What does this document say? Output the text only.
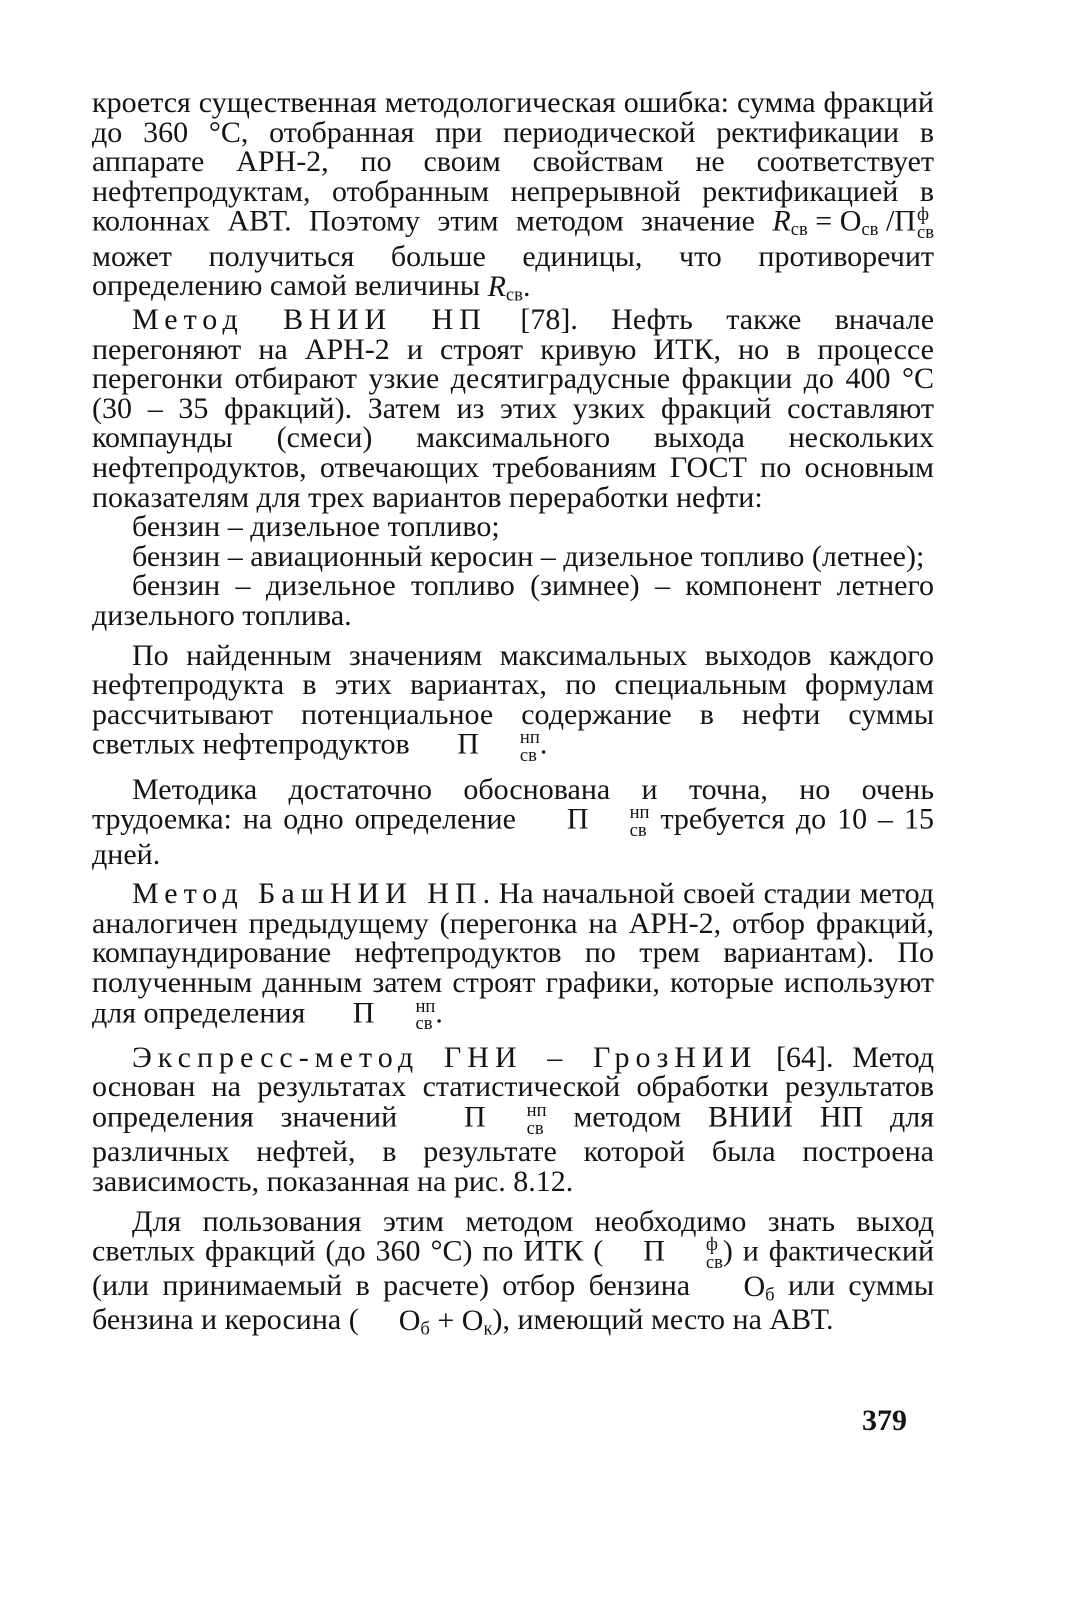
кроется существенная методологическая ошибка: сумма фракций до 360 °С, отобранная при периодической ректификации в аппарате АРН-2, по своим свойствам не соответствует нефтепродуктам, отобранным непрерывной ректификацией в колоннах АВТ. Поэтому этим методом значение $R_{св} = О_{св}$ /П ф
св
может получиться больше единицы, что противоречит определению самой величины $R_{св}$.

Метод ВНИИ НП [78]. Нефть также вначале перегоняют на АРН-2 и строят кривую ИТК, но в процессе перегонки отбирают узкие десятиградусные фракции до 400 °С (30 – 35 фракций). Затем из этих узких фракций составляют компаунды (смеси) максимального выхода нескольких нефтепродуктов, отвечающих требованиям ГОСТ по основным показателям для трех вариантов переработки нефти:

бензин – дизельное топливо;

бензин – авиационный керосин – дизельное топливо (летнее);

бензин – дизельное топливо (зимнее) – компонент летнего дизельного топлива.

По найденным значениям максимальных выходов каждого нефтепродукта в этих вариантах, по специальным формулам рассчитывают потенциальное содержание в нефти суммы светлых нефтепродуктов П	нп
св .

Методика достаточно обоснована и точна, но очень трудоемка: на одно определение П	нп
св требуется до 10 – 15 дней.

Метод БашНИИ НП. На начальной своей стадии метод аналогичен предыдущему (перегонка на АРН-2, отбор фракций, компаундирование нефтепродуктов по трем вариантам). По полученным данным затем строят графики, которые используют для определения П	нп
св .

Экспресс-метод ГНИ – ГрозНИИ [64]. Метод основан на результатах статистической обработки результатов определения значений П	нп
св методом ВНИИ НП для различных нефтей, в результате которой была построена зависимость, показанная на рис. 8.12.

Для пользования этим методом необходимо знать выход светлых фракций (до 360 °С) по ИТК ( П	ф
св ) и фактический (или принимаемый в расчете) отбор бензина $О_б$ или суммы бензина и керосина ( $О_б + О_к$), имеющий место на АВТ.

379
